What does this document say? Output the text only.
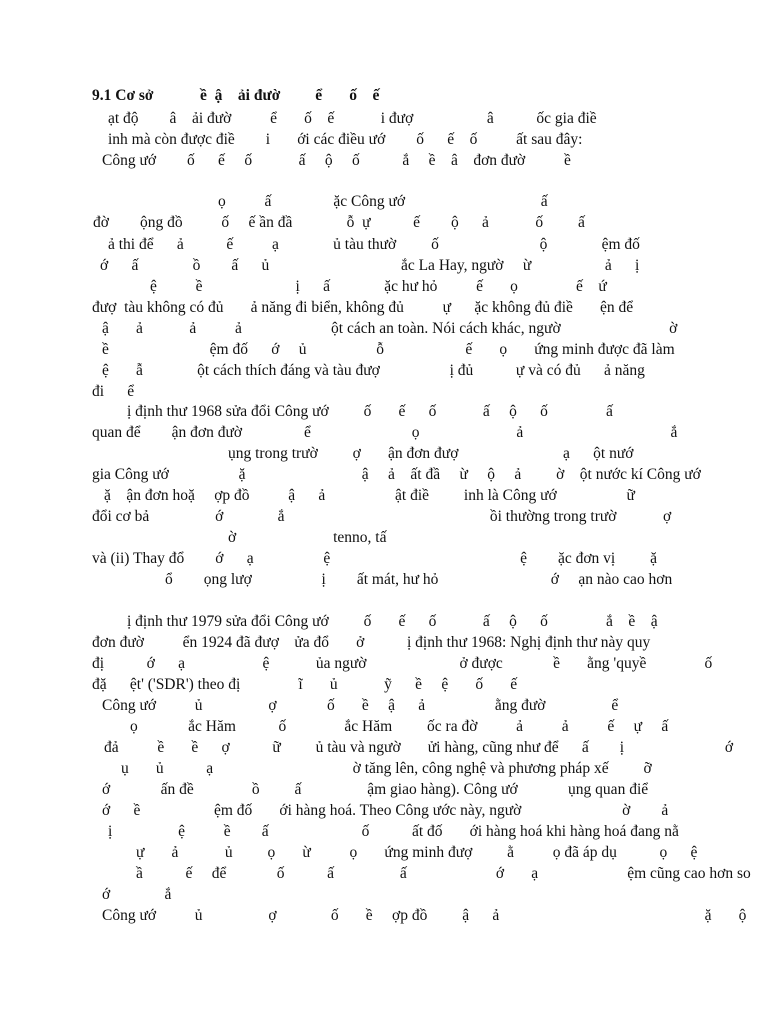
9.1 Cơ sở            ề  ậ    ải đườ         ể       ố    ế
ạt độ        â    ải đườ          ể       ố    ế            i đượ                   â           ốc gia điề
inh mà còn được điề        i       ới các điều ướ        ố      ế    ố          ất sau đây:
Công ướ        ố      ế     ố            ấ     ộ     ố           ắ     ề    â    đơn đườ          ề
ọ          ấ                ặc Công ướ                                   ấ
đờ        ộng đồ          ố     ế ần đầ              ỗ  ự           ế        ộ      ả            ố         ấ
ả thi để      ả           ế          ạ              ủ tàu thườ         ố                          ộ              ệm đố
ớ      ấ              ồ        ấ      ủ                                  ắc La Hay, ngườ     ừ                   ả      ị
ệ          ề                        ị      ấ              ặc hư hỏ          ế       ọ               ế    ứ
đượ  tàu không có đủ       ả năng đi biển, không đủ          ự      ặc không đủ điề       ện để
ậ       ả            ả          ả                       ột cách an toàn. Nói cách khác, ngườ                            ờ
ề                          ệm đố      ớ     ủ                  ỗ                     ế       ọ       ứng minh được đã làm
ệ       ẫ              ột cách thích đáng và tàu đượ                  ị đủ           ự và có đủ      ả năng
đi      ể
ị định thư 1968 sửa đổi Công ướ         ố       ế      ố            ấ     ộ      ố               ấ
quan để        ận đơn đườ                ể                          ọ                         ả                                      ắ
ụng trong trườ         ợ       ận đơn đượ                           ạ      ột nướ
gia Công ướ                  ặ                              ậ     ả    ất đầ     ừ     ộ     ả         ờ    ột nước kí Công ướ
ặ    ận đơn hoặ     ợp đồ          ậ      ả                  ật điề         inh là Công ướ                  ữ
đổi cơ bả                 ớ              ắ                                                     ồi thường trong trườ            ợ
ờ                         tenno, tấ
và (ii) Thay đổ        ớ      ạ                  ệ                                                 ệ        ặc đơn vị         ặ
ổ        ọng lượ                  ị        ất mát, hư hỏ                             ớ     ạn nào cao hơn
ị định thư 1979 sửa đổi Công ướ         ố       ế      ố            ấ     ộ      ố               ắ    ề    ậ
đơn đườ          ển 1924 đã đượ    ửa đổ       ở           ị định thư 1968: Nghị định thư này quy
đị           ớ      ạ                    ệ            ủa ngườ                        ở được             ề       ằng 'quyề               ố
đặ      ệt' ('SDR') theo đị               ĩ       ủ            ỹ      ề     ệ       ố       ế
Công ướ          ủ                 ợ             ố       ề     ậ      ả                  ằng đườ                 ể
ọ             ắc Hăm           ố               ắc Hăm         ốc ra đờ          ả          ả          ế     ự     ấ
đả          ề       ề      ợ           ữ         ủ tàu và ngườ       ửi hàng, cũng như để      ấ        ị                          ớ
ụ       ủ           ạ                                    ờ tăng lên, công nghệ và phương pháp xế         ỡ
ớ             ấn đề               ồ         ấ                 ậm giao hàng). Công ướ             ụng quan điể
ớ      ề                   ệm đố       ới hàng hoá. Theo Công ước này, ngườ                          ờ        ả
ị                 ệ          ề        ấ                        ố           ất đố       ới hàng hoá khi hàng hoá đang nằ
ự       ả            ủ         ọ       ừ          ọ       ứng minh đượ         ằ          ọ đã áp dụ           ọ      ệ
ầ           ế     để             ố           ấ                 ấ                       ớ       ạ                       ệm cũng cao hơn so
ớ              ắ
Công ướ          ủ                 ợ              ố       ề     ợp đồ         ậ      ả                                                     ặ       ộ
